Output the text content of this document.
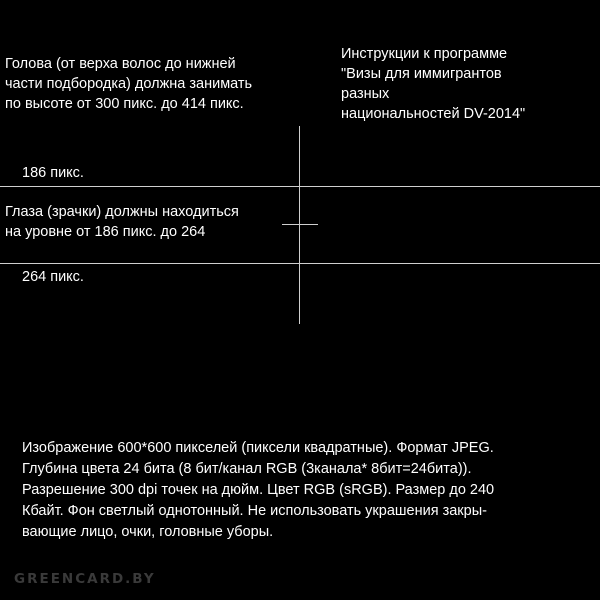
Голова (от верха волос до нижней
части подбородка) должна занимать
по высоте от 300 пикс. до 414 пикс.

Инструкции к программе
"Визы для иммигрантов
разных
национальностей DV-2014"

186 пикс.

Глаза (зрачки) должны находиться
на уровне от 186 пикс. до 264

264 пикс.

Изображение 600*600 пикселей (пиксели квадратные). Формат JPEG.
Глубина цвета 24 бита (8 бит/канал RGB (3канала* 8бит=24бита)).
Разрешение 300 dpi точек на дюйм. Цвет RGB (sRGB). Размер до 240
Кбайт. Фон светлый однотонный. Не использовать украшения закры-
вающие лицо, очки, головные уборы.

GREENCARD.BY
